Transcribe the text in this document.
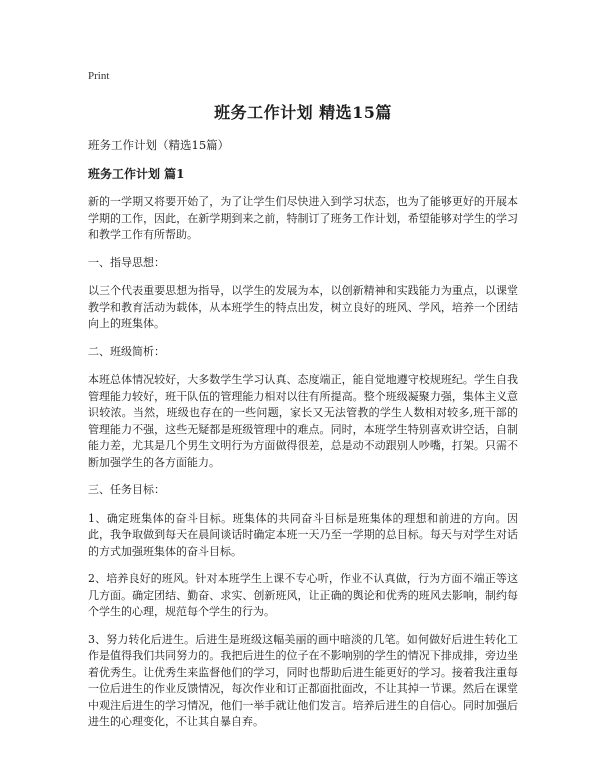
Print
班务工作计划 精选15篇
班务工作计划（精选15篇）
班务工作计划 篇1

新的一学期又将要开始了，为了让学生们尽快进入到学习状态，也为了能够更好的开展本学期的工作，因此，在新学期到来之前，特制订了班务工作计划，希望能够对学生的学习和教学工作有所帮助。

一、指导思想：

以三个代表重要思想为指导，以学生的发展为本，以创新精神和实践能力为重点，以课堂教学和教育活动为载体，从本班学生的特点出发，树立良好的班风、学风，培养一个团结向上的班集体。

二、班级简析：

本班总体情况较好，大多数学生学习认真、态度端正，能自觉地遵守校规班纪。学生自我管理能力较好，班干队伍的管理能力相对以往有所提高。整个班级凝聚力强，集体主义意识较浓。当然，班级也存在的一些问题，家长又无法管教的学生人数相对较多,班干部的管理能力不强，这些无疑都是班级管理中的难点。同时，本班学生特别喜欢讲空话，自制能力差，尤其是几个男生文明行为方面做得很差，总是动不动跟别人吵嘴，打架。只需不断加强学生的各方面能力。

三、任务目标：

1、确定班集体的奋斗目标。班集体的共同奋斗目标是班集体的理想和前进的方向。因此，我争取做到每天在晨间谈话时确定本班一天乃至一学期的总目标。每天与对学生对话的方式加强班集体的奋斗目标。

2、培养良好的班风。针对本班学生上课不专心听，作业不认真做，行为方面不端正等这几方面。确定团结、勤奋、求实、创新班风，让正确的舆论和优秀的班风去影响，制约每个学生的心理，规范每个学生的行为。

3、努力转化后进生。后进生是班级这幅美丽的画中暗淡的几笔。如何做好后进生转化工作是值得我们共同努力的。我把后进生的位子在不影响别的学生的情况下排成排，旁边坐着优秀生。让优秀生来监督他们的学习，同时也帮助后进生能更好的学习。接着我注重每一位后进生的作业反馈情况，每次作业和订正都面批面改，不让其掉一节课。然后在课堂中观注后进生的学习情况，他们一举手就让他们发言。培养后进生的自信心。同时加强后进生的心理变化，不让其自暴自弃。
